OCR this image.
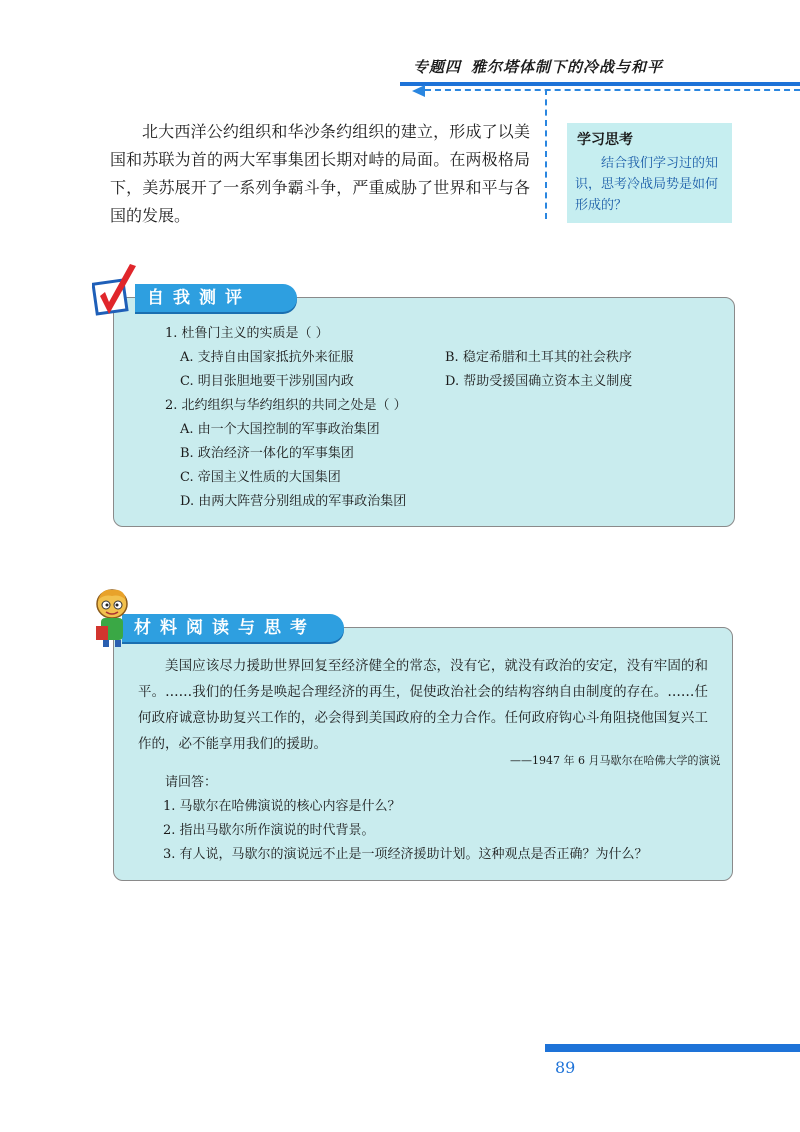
专题四 雅尔塔体制下的冷战与和平

北大西洋公约组织和华沙条约组织的建立，形成了以美国和苏联为首的两大军事集团长期对峙的局面。在两极格局下，美苏展开了一系列争霸斗争，严重威胁了世界和平与各国的发展。

学习思考

结合我们学习过的知识，思考冷战局势是如何形成的？

自我测评
1. 杜鲁门主义的实质是（ ）
A. 支持自由国家抵抗外来征服	B. 稳定希腊和土耳其的社会秩序
C. 明目张胆地要干涉别国内政	D. 帮助受援国确立资本主义制度
2. 北约组织与华约组织的共同之处是（ ）
A. 由一个大国控制的军事政治集团
B. 政治经济一体化的军事集团
C. 帝国主义性质的大国集团
D. 由两大阵营分别组成的军事政治集团
材料阅读与思考

美国应该尽力援助世界回复至经济健全的常态，没有它，就没有政治的安定，没有牢固的和平。……我们的任务是唤起合理经济的再生，促使政治社会的结构容纳自由制度的存在。……任何政府诚意协助复兴工作的，必会得到美国政府的全力合作。任何政府钩心斗角阻挠他国复兴工作的，必不能享用我们的援助。

——1947 年 6 月马歇尔在哈佛大学的演说
请回答：
1. 马歇尔在哈佛演说的核心内容是什么？
2. 指出马歇尔所作演说的时代背景。
3. 有人说，马歇尔的演说远不止是一项经济援助计划。这种观点是否正确？为什么？
89
